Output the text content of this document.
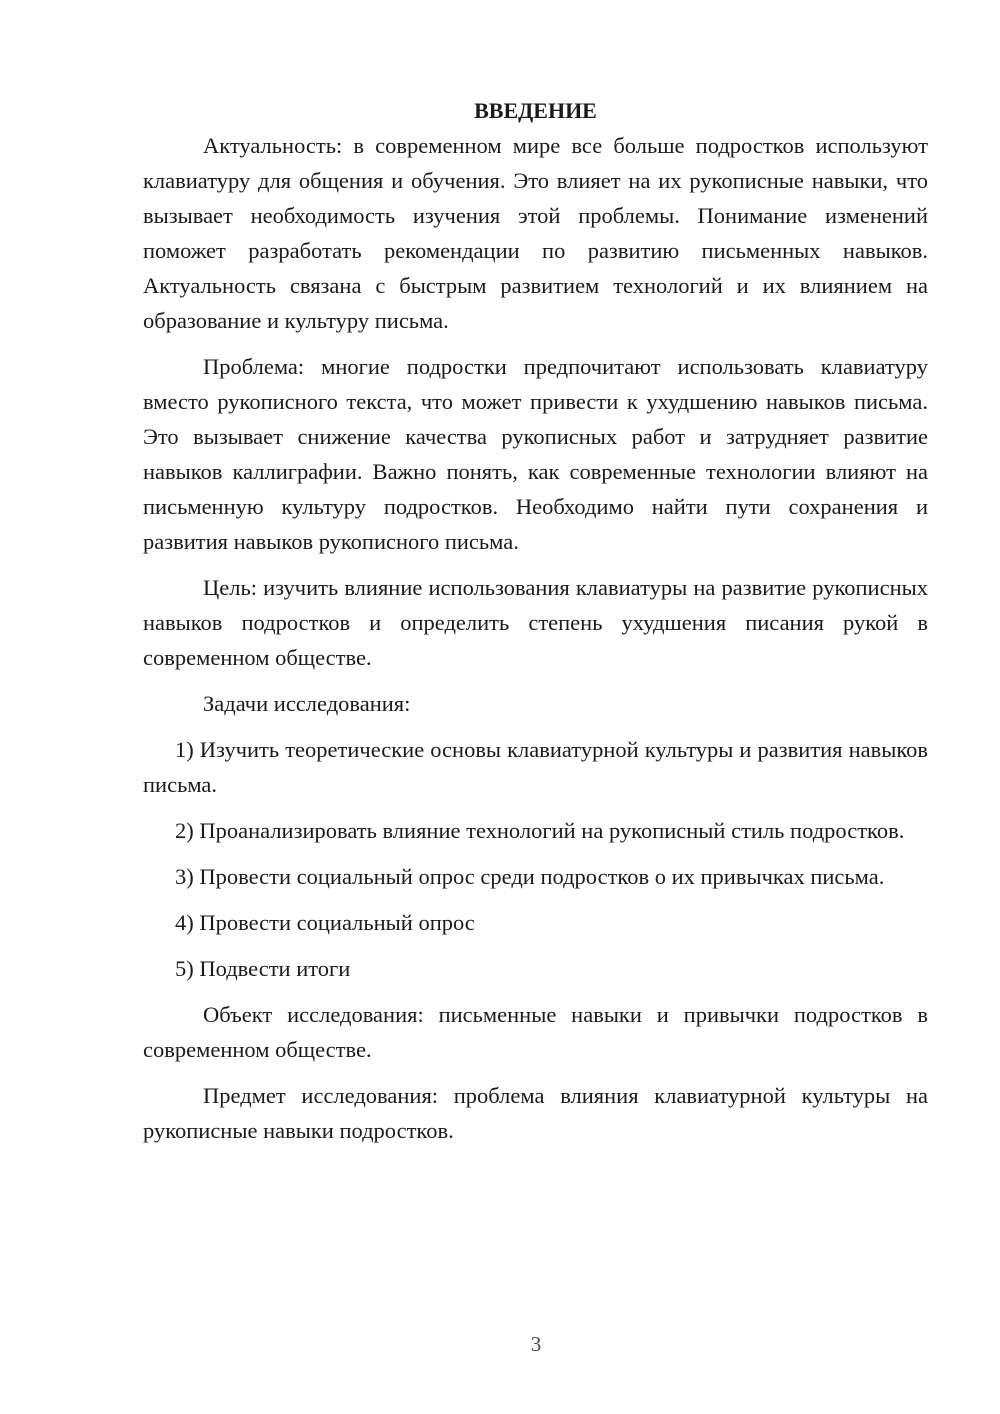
ВВЕДЕНИЕ

Актуальность: в современном мире все больше подростков используют клавиатуру для общения и обучения. Это влияет на их рукописные навыки, что вызывает необходимость изучения этой проблемы. Понимание изменений поможет разработать рекомендации по развитию письменных навыков. Актуальность связана с быстрым развитием технологий и их влиянием на образование и культуру письма.

Проблема: многие подростки предпочитают использовать клавиатуру вместо рукописного текста, что может привести к ухудшению навыков письма. Это вызывает снижение качества рукописных работ и затрудняет развитие навыков каллиграфии. Важно понять, как современные технологии влияют на письменную культуру подростков. Необходимо найти пути сохранения и развития навыков рукописного письма.

Цель: изучить влияние использования клавиатуры на развитие рукописных навыков подростков и определить степень ухудшения писания рукой в современном обществе.

Задачи исследования:

1) Изучить теоретические основы клавиатурной культуры и развития навыков письма.

2) Проанализировать влияние технологий на рукописный стиль подростков.

3) Провести социальный опрос среди подростков о их привычках письма.

4) Провести социальный опрос

5) Подвести итоги

Объект исследования: письменные навыки и привычки подростков в современном обществе.

Предмет исследования: проблема влияния клавиатурной культуры на рукописные навыки подростков.

3
